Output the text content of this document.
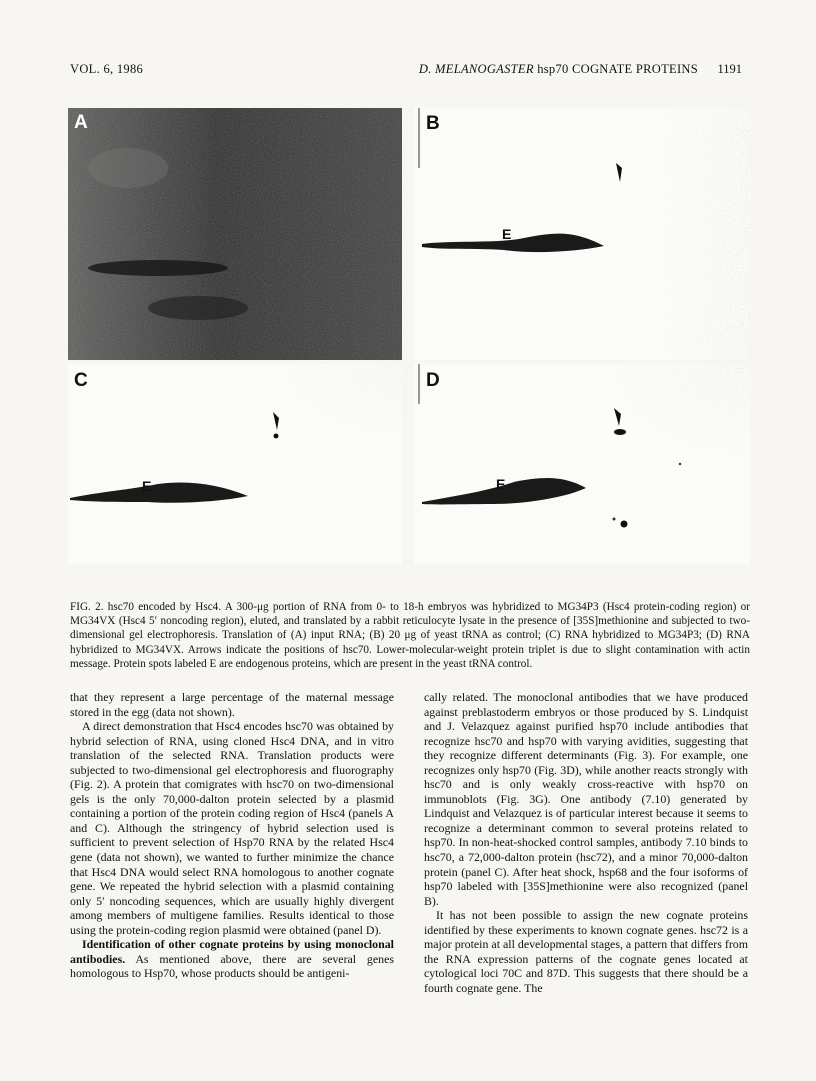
VOL. 6, 1986	D. MELANOGASTER hsp70 COGNATE PROTEINS 1191
A	B
E
C
E
D
E
FIG. 2. hsc70 encoded by Hsc4. A 300-μg portion of RNA from 0- to 18-h embryos was hybridized to MG34P3 (Hsc4 protein-coding region) or MG34VX (Hsc4 5′ noncoding region), eluted, and translated by a rabbit reticulocyte lysate in the presence of [35S]methionine and subjected to two-dimensional gel electrophoresis. Translation of (A) input RNA; (B) 20 μg of yeast tRNA as control; (C) RNA hybridized to MG34P3; (D) RNA hybridized to MG34VX. Arrows indicate the positions of hsc70. Lower-molecular-weight protein triplet is due to slight contamination with actin message. Protein spots labeled E are endogenous proteins, which are present in the yeast tRNA control.

that they represent a large percentage of the maternal message stored in the egg (data not shown).

A direct demonstration that Hsc4 encodes hsc70 was obtained by hybrid selection of RNA, using cloned Hsc4 DNA, and in vitro translation of the selected RNA. Translation products were subjected to two-dimensional gel electrophoresis and fluorography (Fig. 2). A protein that comigrates with hsc70 on two-dimensional gels is the only 70,000-dalton protein selected by a plasmid containing a portion of the protein coding region of Hsc4 (panels A and C). Although the stringency of hybrid selection used is sufficient to prevent selection of Hsp70 RNA by the related Hsc4 gene (data not shown), we wanted to further minimize the chance that Hsc4 DNA would select RNA homologous to another cognate gene. We repeated the hybrid selection with a plasmid containing only 5′ noncoding sequences, which are usually highly divergent among members of multigene families. Results identical to those using the protein-coding region plasmid were obtained (panel D).

Identification of other cognate proteins by using monoclonal antibodies. As mentioned above, there are several genes homologous to Hsp70, whose products should be antigeni-

cally related. The monoclonal antibodies that we have produced against preblastoderm embryos or those produced by S. Lindquist and J. Velazquez against purified hsp70 include antibodies that recognize hsc70 and hsp70 with varying avidities, suggesting that they recognize different determinants (Fig. 3). For example, one recognizes only hsp70 (Fig. 3D), while another reacts strongly with hsc70 and is only weakly cross-reactive with hsp70 on immunoblots (Fig. 3G). One antibody (7.10) generated by Lindquist and Velazquez is of particular interest because it seems to recognize a determinant common to several proteins related to hsp70. In non-heat-shocked control samples, antibody 7.10 binds to hsc70, a 72,000-dalton protein (hsc72), and a minor 70,000-dalton protein (panel C). After heat shock, hsp68 and the four isoforms of hsp70 labeled with [35S]methionine were also recognized (panel B).

It has not been possible to assign the new cognate proteins identified by these experiments to known cognate genes. hsc72 is a major protein at all developmental stages, a pattern that differs from the RNA expression patterns of the cognate genes located at cytological loci 70C and 87D. This suggests that there should be a fourth cognate gene. The
